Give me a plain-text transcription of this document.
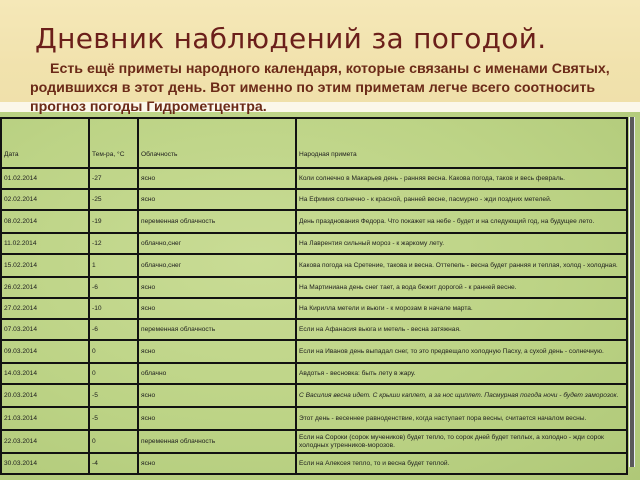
Дневник наблюдений за погодой.

Есть ещё приметы народного календаря, которые связаны с именами Святых, родившихся в этот день. Вот именно по этим приметам легче всего соотносить прогноз погоды Гидрометцентра.

Дата	Тем-ра, °С	Облачность	Народная примета
01.02.2014	-27	ясно	Коли солнечно в Макарьев день - ранняя весна. Какова погода, таков и весь февраль.
02.02.2014	-25	ясно	На Ефимия солнечно - к красной, ранней весне, пасмурно - жди поздних метелей.
08.02.2014	-19	переменная облачность	День празднования Федора. Что покажет на небе - будет и на следующий год, на будущее лето.
11.02.2014	-12	облачно,снег	На Лаврентия сильный мороз - к жаркому лету.
15.02.2014	1	облачно,снег	Какова погода на Сретение, такова и весна. Оттепель - весна будет ранняя и теплая, холод - холодная.
26.02.2014	-6	ясно	На Мартиниана день снег тает, а вода бежит дорогой - к ранней весне.
27.02.2014	-10	ясно	На Кирилла метели и вьюги - к морозам в начале марта.
07.03.2014	-6	переменная облачность	Если на Афанасия вьюга и метель - весна затяжная.
09.03.2014	0	ясно	Если на Иванов день выпадал снег, то это предвещало холодную Пасху, а сухой день - солнечную.
14.03.2014	0	облачно	Авдотья - весновка: быть лету в жару.
20.03.2014	-5	ясно	С Василия весна идет. С крыши каплет, а за нос щиплет. Пасмурная погода ночи - будет заморозок.
21.03.2014	-5	ясно	Этот день - весеннее равноденствие, когда наступает пора весны, считается началом весны.
22.03.2014	0	переменная облачность	Если на Сороки (сорок мучеников) будет тепло, то сорок дней будет теплых, а холодно - жди сорок холодных утренников-морозов.
30.03.2014	-4	ясно	Если на Алексея тепло, то и весна будет теплой.
